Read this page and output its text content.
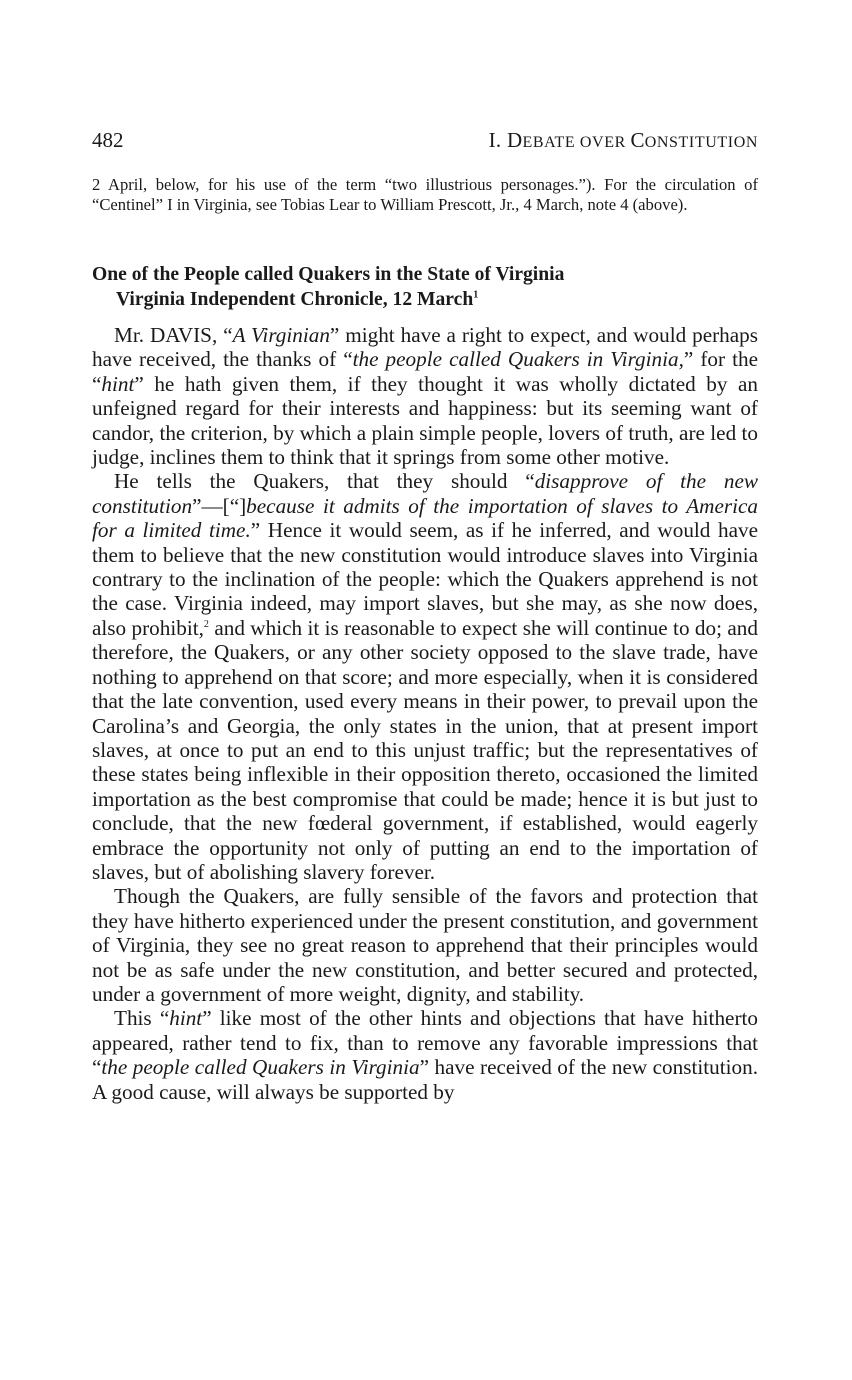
482	I. DEBATE OVER CONSTITUTION

2 April, below, for his use of the term “two illustrious personages.”). For the circulation of “Centinel” I in Virginia, see Tobias Lear to William Prescott, Jr., 4 March, note 4 (above).

One of the People called Quakers in the State of Virginia
Virginia Independent Chronicle, 12 March$^1$

Mr. DAVIS, “A Virginian” might have a right to expect, and would perhaps have received, the thanks of “the people called Quakers in Virginia,” for the “hint” he hath given them, if they thought it was wholly dictated by an unfeigned regard for their interests and happiness: but its seeming want of candor, the criterion, by which a plain simple people, lovers of truth, are led to judge, inclines them to think that it springs from some other motive.

He tells the Quakers, that they should “disapprove of the new constitution”—[“]because it admits of the importation of slaves to America for a limited time.” Hence it would seem, as if he inferred, and would have them to believe that the new constitution would introduce slaves into Virginia contrary to the inclination of the people: which the Quakers apprehend is not the case. Virginia indeed, may import slaves, but she may, as she now does, also prohibit,$^2$ and which it is reasonable to expect she will continue to do; and therefore, the Quakers, or any other society opposed to the slave trade, have nothing to apprehend on that score; and more especially, when it is considered that the late convention, used every means in their power, to prevail upon the Carolina’s and Georgia, the only states in the union, that at present import slaves, at once to put an end to this unjust traffic; but the representatives of these states being inflexible in their opposition thereto, occasioned the limited importation as the best compromise that could be made; hence it is but just to conclude, that the new fœderal government, if established, would eagerly embrace the opportunity not only of putting an end to the importation of slaves, but of abolishing slavery forever.

Though the Quakers, are fully sensible of the favors and protection that they have hitherto experienced under the present constitution, and government of Virginia, they see no great reason to apprehend that their principles would not be as safe under the new constitution, and better secured and protected, under a government of more weight, dignity, and stability.

This “hint” like most of the other hints and objections that have hitherto appeared, rather tend to fix, than to remove any favorable impressions that “the people called Quakers in Virginia” have received of the new constitution. A good cause, will always be supported by
